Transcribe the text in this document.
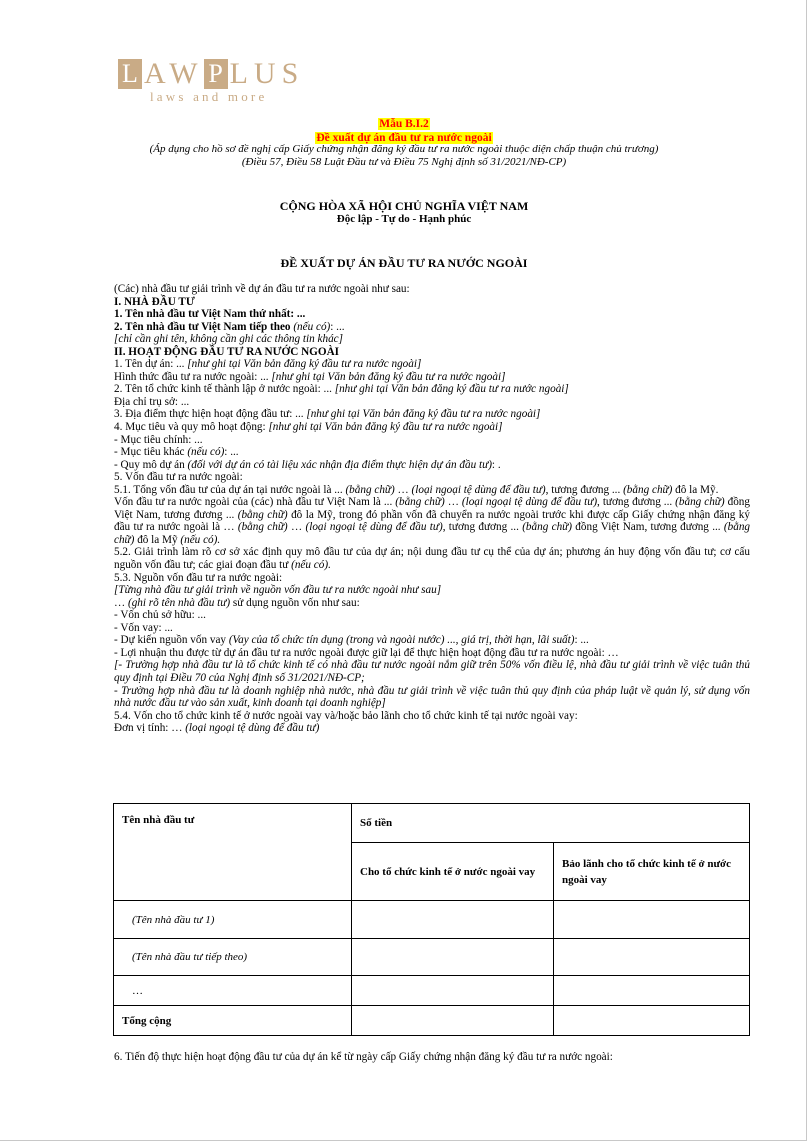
L AW P LUS
laws and more
Mẫu B.I.2
Đề xuất dự án đầu tư ra nước ngoài
(Áp dụng cho hồ sơ đề nghị cấp Giấy chứng nhận đăng ký đầu tư ra nước ngoài thuộc diện chấp thuận chủ trương)
(Điều 57, Điều 58 Luật Đầu tư và Điều 75 Nghị định số 31/2021/NĐ-CP)
CỘNG HÒA XÃ HỘI CHỦ NGHĨA VIỆT NAM
Độc lập - Tự do - Hạnh phúc
ĐỀ XUẤT DỰ ÁN ĐẦU TƯ RA NƯỚC NGOÀI

(Các) nhà đầu tư giải trình về dự án đầu tư ra nước ngoài như sau:

I. NHÀ ĐẦU TƯ

1. Tên nhà đầu tư Việt Nam thứ nhất: ...

2. Tên nhà đầu tư Việt Nam tiếp theo (nếu có): ...

[chỉ cần ghi tên, không cần ghi các thông tin khác]

II. HOẠT ĐỘNG ĐẦU TƯ RA NƯỚC NGOÀI

1. Tên dự án: ... [như ghi tại Văn bản đăng ký đầu tư ra nước ngoài]

Hình thức đầu tư ra nước ngoài: ... [như ghi tại Văn bản đăng ký đầu tư ra nước ngoài]

2. Tên tổ chức kinh tế thành lập ở nước ngoài: ... [như ghi tại Văn bản đăng ký đầu tư ra nước ngoài]

Địa chỉ trụ sở: ...

3. Địa điểm thực hiện hoạt động đầu tư: ... [như ghi tại Văn bản đăng ký đầu tư ra nước ngoài]

4. Mục tiêu và quy mô hoạt động: [như ghi tại Văn bản đăng ký đầu tư ra nước ngoài]

- Mục tiêu chính: ...

- Mục tiêu khác (nếu có): ...

- Quy mô dự án (đối với dự án có tài liệu xác nhận địa điểm thực hiện dự án đầu tư): .

5. Vốn đầu tư ra nước ngoài:

5.1. Tổng vốn đầu tư của dự án tại nước ngoài là ... (bằng chữ) … (loại ngoại tệ dùng để đầu tư), tương đương ... (bằng chữ) đô la Mỹ.

Vốn đầu tư ra nước ngoài của (các) nhà đầu tư Việt Nam là ... (bằng chữ) … (loại ngoại tệ dùng để đầu tư), tương đương ... (bằng chữ) đồng Việt Nam, tương đương ... (bằng chữ) đô la Mỹ, trong đó phần vốn đã chuyển ra nước ngoài trước khi được cấp Giấy chứng nhận đăng ký đầu tư ra nước ngoài là … (bằng chữ) … (loại ngoại tệ dùng để đầu tư), tương đương ... (bằng chữ) đồng Việt Nam, tương đương ... (bằng chữ) đô la Mỹ (nếu có).

5.2. Giải trình làm rõ cơ sở xác định quy mô đầu tư của dự án; nội dung đầu tư cụ thể của dự án; phương án huy động vốn đầu tư; cơ cấu nguồn vốn đầu tư; các giai đoạn đầu tư (nếu có).

5.3. Nguồn vốn đầu tư ra nước ngoài:

[Từng nhà đầu tư giải trình về nguồn vốn đầu tư ra nước ngoài như sau]

… (ghi rõ tên nhà đầu tư) sử dụng nguồn vốn như sau:

- Vốn chủ sở hữu: ...

- Vốn vay: ...

- Dự kiến nguồn vốn vay (Vay của tổ chức tín dụng (trong và ngoài nước) ..., giá trị, thời hạn, lãi suất): ...

- Lợi nhuận thu được từ dự án đầu tư ra nước ngoài được giữ lại để thực hiện hoạt động đầu tư ra nước ngoài: …

[- Trường hợp nhà đầu tư là tổ chức kinh tế có nhà đầu tư nước ngoài nắm giữ trên 50% vốn điều lệ, nhà đầu tư giải trình về việc tuân thủ quy định tại Điều 70 của Nghị định số 31/2021/NĐ-CP;

- Trường hợp nhà đầu tư là doanh nghiệp nhà nước, nhà đầu tư giải trình về việc tuân thủ quy định của pháp luật về quản lý, sử dụng vốn nhà nước đầu tư vào sản xuất, kinh doanh tại doanh nghiệp]

5.4. Vốn cho tổ chức kinh tế ở nước ngoài vay và/hoặc bảo lãnh cho tổ chức kinh tế tại nước ngoài vay:

Đơn vị tính: … (loại ngoại tệ dùng để đầu tư)

Tên nhà đầu tư	Số tiền	
	Cho tổ chức kinh tế ở nước ngoài vay	Bảo lãnh cho tổ chức kinh tế ở nước ngoài vay
(Tên nhà đầu tư 1)		
(Tên nhà đầu tư tiếp theo)		
…		
Tổng cộng		
6. Tiến độ thực hiện hoạt động đầu tư của dự án kể từ ngày cấp Giấy chứng nhận đăng ký đầu tư ra nước ngoài:
